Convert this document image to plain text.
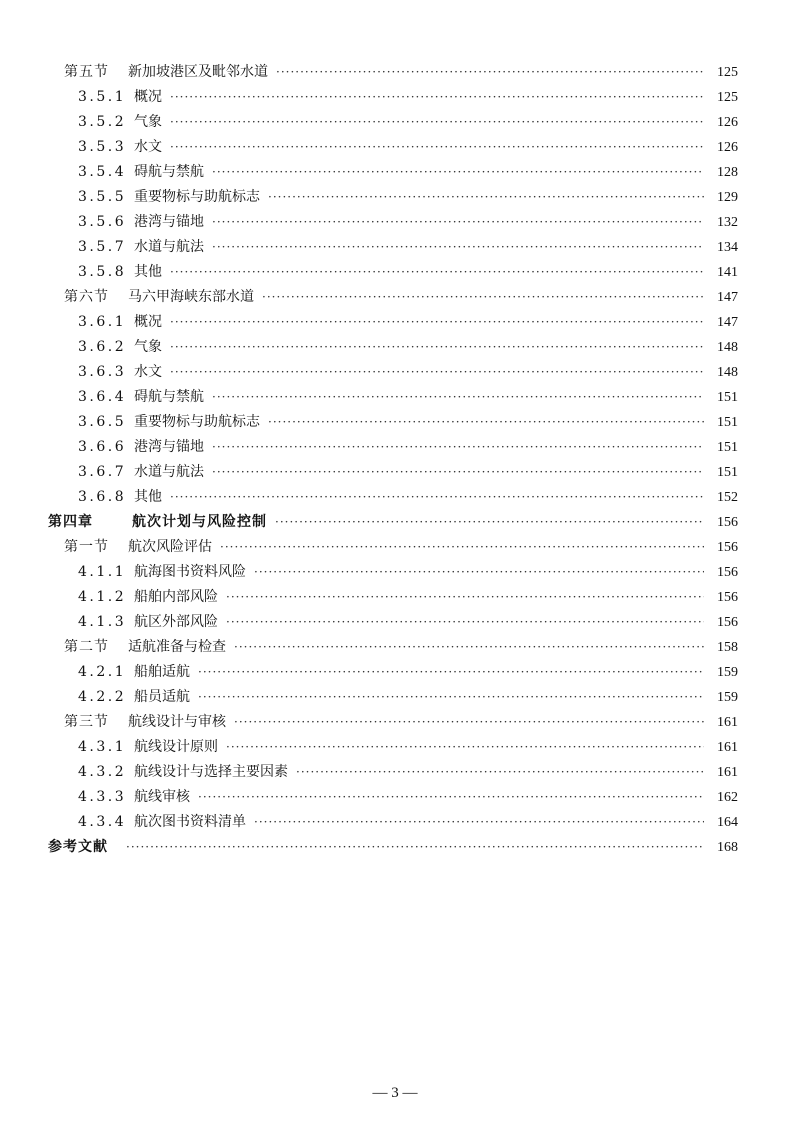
第五节	新加坡港区及毗邻水道 ·····	125
3.5.1 概况 ·····	125
3.5.2 气象 ·····	126
3.5.3 水文 ·····	126
3.5.4 碍航与禁航 ·····	128
3.5.5 重要物标与助航标志 ·····	129
3.5.6 港湾与锚地 ·····	132
3.5.7 水道与航法 ·····	134
3.5.8 其他 ·····	141
第六节	马六甲海峡东部水道 ·····	147
3.6.1 概况 ·····	147
3.6.2 气象 ·····	148
3.6.3 水文 ·····	148
3.6.4 碍航与禁航 ·····	151
3.6.5 重要物标与助航标志 ·····	151
3.6.6 港湾与锚地 ·····	151
3.6.7 水道与航法 ·····	151
3.6.8 其他 ·····	152
第四章	航次计划与风险控制 ·····	156
第一节	航次风险评估 ·····	156
4.1.1 航海图书资料风险 ·····	156
4.1.2 船舶内部风险 ·····	156
4.1.3 航区外部风险 ·····	156
第二节	适航准备与检查 ·····	158
4.2.1 船舶适航 ·····	159
4.2.2 船员适航 ·····	159
第三节	航线设计与审核 ·····	161
4.3.1 航线设计原则 ·····	161
4.3.2 航线设计与选择主要因素 ·····	161
4.3.3 航线审核 ·····	162
4.3.4 航次图书资料清单 ·····	164
参考文献 ·····	168
— 3 —
